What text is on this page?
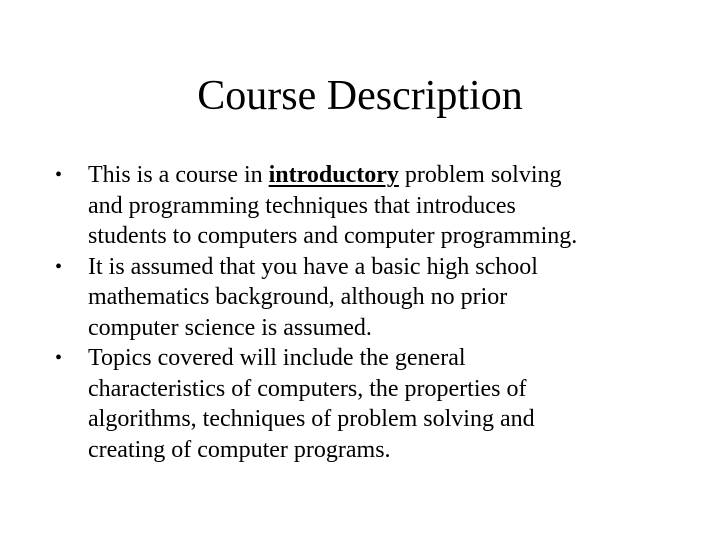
Course Description
•	This is a course in introductory problem solving
and programming techniques that introduces
students to computers and computer programming.
•	It is assumed that you have a basic high school
mathematics background, although no prior
computer science is assumed.
•	Topics covered will include the general
characteristics of computers, the properties of
algorithms, techniques of problem solving and
creating of computer programs.
